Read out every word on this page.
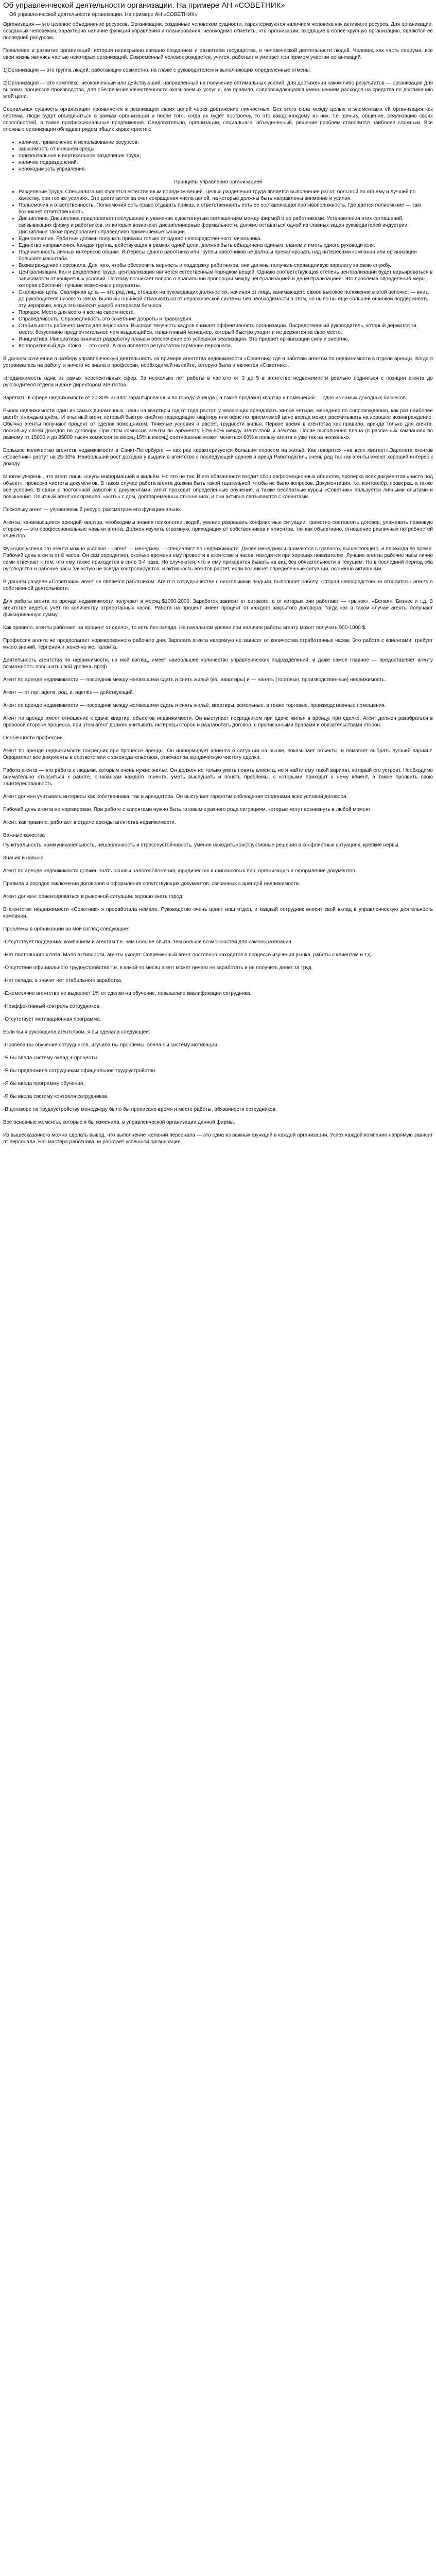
Об управленческой деятельности организации. На примере АН «СОВЕТНИК»
Об управленческой деятельности организации. На примере АН «СОВЕТНИК»

Организация — это целевое объединение ресурсов. Организации, созданные человеком сущности, характеризуются наличием человека как активного ресурса. Для организации, созданных человеком, характерно наличие функций управления и планирования, необходимо отметить, что организации, входящие в более крупную организацию, являются ее последней ресурсом.

Появление и развитие организаций, история неразрывно связано созданием и развитием государства, и человеческой деятельности людей. Человек, как часть социума, все свои жизнь являясь частью некоторых организаций. Современный человек рождается, учится, работает и умирает при прямом участии организаций.

1)Организация — это группа людей, работающих совместно, на глаже с руководителем и выполняющих определенные отмены.

2)Организация — это комплекс, неоконченный или действующий, направленный на получение оптимальных усилий, для достижения какой-либо результатов — организация для высоких процессов производства, для обеспечения качественности оказываемых услуг и, как правило, сопровождающаяся уменьшением расходов на средства по достижению этой цели.

Социальная сущность организации проявляется в реализации своих целей через достижение личностных. Без этого сила между целью и элементами ей организация как система. Люди будут объединяться в рамках организаций и после того, когда их будет построену, то что каждо-каждому из них, т.е. деньгу, общение, реализацию своих способностей, а также профессиональные продвижения. Следовательно, организации, социальные, объединенный, решение проблем становится наиболее сложным. Все сложные организации обладают рядом общих характеристик:

• наличие, привлечение и использование ресурсов;
• зависимость от внешней среды;
• горизонтальное и вертикальное разделение труда;
• наличие подразделений;
• необходимость управления.
Принципы управления организацией
• Разделение Труда. Специализация является естественным порядком вещей. Целью разделения труда является выполнение работ, большой по объему и лучшей по качеству, при тех же усилиях. Это достигается за счет сокращения числа целей, на которые должны быть направлены внимание и усилия.
• Полномочия и ответственность. Полномочия есть право отдавать приказ, а ответственность есть ее составляющая противоположность. Где дается полномочие — там возникает ответственность.
• Дисциплина. Дисциплина предполагает послушание и уважение к достигнутым соглашениям между фирмой и ее работниками. Установления этих соглашений, связывающих фирму и работников, из которых возникают дисциплинарные формальности, должно оставаться одной из главных задач руководителей индустрии. Дисциплина также предполагает справедливо применяемые санкции.
• Единоначалие. Работник должен получать приказы только от одного непосредственного начальника.
• Единство направления. Каждая группа, действующая в рамках одной цели, должна быть объединена единым планом и иметь одного руководителя.
• Подчиненность личных интересов общим. Интересы одного работника или группы работников не должны превалировать над интересами компании или организации большего масштаба.
• Вознаграждение персонала. Для того, чтобы обеспечить верность и поддержку работников, они должны получать справедливую зарплату за свою службу.
• Централизация. Как и разделение труда, централизация является естественным порядком вещей. Однако соответствующая степень централизации будет варьироваться в зависимости от конкретных условий. Поэтому возникает вопрос о правильной пропорции между централизацией и децентрализацией. Это проблема определения меры, которая обеспечит лучшие возможные результаты.
• Скалярная цепь. Скалярная цепь — это ряд лиц, стоящих на руководящих должностях, начиная от лица, занимающего самое высокое положение в этой цепочке, — вниз, до руководителя низового звена. Было бы ошибкой отказываться от иерархической системы без необходимости в этом, но было бы еще большей ошибкой поддерживать эту иерархию, когда это наносит ущерб интересам бизнеса.
• Порядок. Место для всего и все на своем месте.
• Справедливость. Справедливость это сочетание доброты и правосудия.
• Стабильность рабочего места для персонала. Высокая текучесть кадров снижает эффективность организации. Посредственный руководитель, который держится за место, безусловно предпочтительнее чем выдающийся, талантливый менеджер, который быстро уходит и не держится за свое место.
• Инициатива. Инициатива означает разработку плана и обеспечение его успешной реализации. Это придает организации силу и энергию.
• Корпоративный дух. Союз — это сила. А она является результатом гармонии персонала.

В данном сочинении я разберу управленческую деятельность на примере агентства недвижимости «Советник» где я работаю агентом по недвижимости в отделе аренды. Когда я устраивалась на работу, я ничего не знала о профессии, необходимой на сайте, которую была и является «Советник».

«Недвижимость одна из самых перспективных сфер. За несколько лет работы в частоте от 3 до 5 в агентстве недвижимости реально подняться с позиции агента до руководителя отдела и даже директором агентства.

Зарплаты в сфере недвижимости от 20-30% аналог гарантированных по городу. Аренда ( а также продажа) квартир и помещений — одно из самых доходных бизнесов.

Рынок недвижимости один из самых динамичных, цены на квартиры год от года растут, у желающих арендовать жилье четыре, менеджер по сопровождению, как раз наиболее растёт к каждым днём,. И опытный агент, который быстро «найти» подходящие квартиру или офис по приемлемой цене всегда может рассчитывать на хорошее вознаграждение. Обычно агенты получают процент от сделок помощником. Тяжелые условия и растет, трудности жилья. Первое время в агентства как правило, аренда только для агента, поскольку своей доходов по договору. При этом комиссия агенты по аргументу 50%-50% между агентством и агентом. После выполнения плана (в различных компаниях по разному от 15000 и до 35000 тысяч комиссия за месяц 15% в месяц) соотношение может меняться 60% в пользу агента и уже так на несколько.

Большое количество агентств недвижимости в Санкт-Петербурге — как раз характеризуется большим спросом на жильё. Как говорится «на всех хватает».Зарплата агентов «Советник» растут на 25-30%. Наибольший рост доходов у выдачи в агентство с последующей сдачей и аренд Работодатель очень рад так как агенты имеют хороший интерес к доходу.

Многие уверены, что агент лишь «сиуп» информацией и жильём. Но это не так. В его обязанности входит сбор информационных объектов, проверка всех документов «чисто под объект», проверка чистоты документов. В таком случае работа агента должна быть такой тщательной, чтобы не было вопросов. Документация, т.е. контролёр, проверка, а также все условия. В связи с постоянной работой с документами, агент проходит определенные обучения, а также бесплатные курсы «Советник» пользуется личными опытами и повышения. Опытный агент как правило, «жить» с дом, долговременных отношениях, и они активно связываются с клиентами.

Поскольку агент — управляемый ресурс, рассмотрим его функционально.

Агенты, занимающиеся арендой квартир, необходимы знания психологии людей, умение разрешать конфликтные ситуации, грамотно составлять договор, улаживать правовую сторону — это профессиональные навыки агента. Должен изучить огромную, приходящих от собственников и клиентов, так как объективно, отношение различных потребностей клиентов.

Функцию успешного агента можно условно — агент — менеджер — специалист по недвижимости. Далее менеджеры снимаются с главного, вышестоящего, и перехода во время. Рабочий день агента от 8 часов. Он сам определяет, сколько времени ему провести в агентстве и часов, находятся при хороших показателях. Лучшие агенты рабочие часы лично сами отвечают к тем, что ему также приходится в силе 3-4 раза. Но случаются, что и ему приходится бывать на вид без обязательности в текущем. Но в последний период оба руководства и рабочие часы зачастую не всегда контролируются, и активность агентов растет, если возникнет определённые ситуации, особенно активными.

В данном разделе «Советника» агент не является работником. Агент в сотрудничестве с несколькими людьми, выполняет работу, которая непосредственно относится к агенту в собственной деятельности.

Для работы агента по аренде недвижимости получают в месяц $1000-2000. Заработок зависит от сотового, а от которых они работают — «рынок», «Белая», Бизнес и т.д. В агентстве ведется учёт по количеству отработанных часов. Работа на процент имеет процент от каждого закрытого договора, тогда как в таком случае агенты получают фиксированную сумму.

Как правило, агенты работают на процент от сделок, то есть без оклада. На начальном уровне при наличии работы агенту может получать 900-1000 $.

Профессия агента не предполагает нормированного рабочего дня. Зарплата агента напрямую не зависит от количества отработанных часов. Это работа с клиентами, требует много знаний, терпения и, конечно же, таланта.

Деятельность агентства по недвижимости, на мой взгляд, имеет наибольшее количество управленческих подразделений, и даже самое главное — предоставляет агенту возможность повышать свой уровень проф.

Агент по аренде недвижимости — посредник между желающими сдать и снять жильё (кв., квартиры) и — нанять (торговые, производственные) недвижимость.

Агент — от лат. agens, род. п. agentis — действующий.

Агент по аренде недвижимости — посредник между желающими сдать и снять жильё, квартиры, земельные, а также торговые, производственные помещения.

Агент по аренде имеет отношение к сдаче квартир, объектов недвижимости. Он выступает посредником при сдаче жилья в аренду, при сделке. Агент должен разобраться в правовой стороне процесса, при этом агент должен учитывать интересы сторон и разработать договор, с прописанными правами и обязательствами сторон.

Особенности профессии

Агент по аренде недвижимости посредник при процессе аренды. Он информирует клиента о ситуации на рынке, показывает объекты, и помогает выбрать лучший вариант. Оформляет все документы в соответствии с законодательством, отвечает за юридическую чистоту сделки.

Работа агента — это работа с людьми, которым очень нужно жильё. Он должен не только уметь понять клиента, но и найти ему такой вариант, который его устроит. Необходимо внимательно относиться к работе, к нюансам каждого клиента, уметь выслушать и понять проблемы, с которыми приходит к нему клиент, а также проявить свою заинтересованность.

Агент должен учитывать интересы как собственника, так и арендатора. Он выступает гарантом соблюдения сторонами всех условий договора.

Рабочий день агента не нормирован. При работе с клиентами нужно быть готовым к разного рода ситуациям, которые могут возникнуть в любой момент.

Агент, как правило, работает в отделе аренды агентства недвижимости.

Важные качества

Пунктуальность, коммуникабельность, нешаблонность и стрессоустойчивость, умение находить конструктивные решения в конфликтных ситуациях, крепкие нервы.

Знания и навыки

Агент по аренде недвижимости должен знать основы налогообложения, юридических и финансовых лиц, организацию и оформление документов.

Правила и порядок заключения договоров и оформления сопутствующих документов, связанных с арендой недвижимости.

Агент должен: ориентироваться в рыночной ситуации, хорошо знать город.

В агентстве недвижимости «Советник» я проработала немало. Руководство очень ценит наш отдел, и каждый сотрудник вносит свой вклад в управленческую деятельность компании.

Проблемы в организации на мой взгляд следующие:

-Отсутствует поддержка, компаниям и агентам т.е. чем больше опыта, тем больше возможностей для самообразования.

-Нет постоянного штата. Мало активности, агенты уходят. Современный агент постоянно находится в процессе изучения рынка, работы с клиентом и т.д.

-Отсутствие официального трудоустройства т.е. в какой-то месяц агент может ничего не заработать и не получить денег за труд.

-Нет оклада, а значит нет стабильного заработка.

-Ежемесячно агентство не выделяет 1% от сделки на обучение, повышение квалификации сотрудника.

-Неэффективный контроль сотрудников.

-Отсутствует мотивационная программа.

Если бы я руководила агентством, я бы сделала следующее:

-Провела бы обучение сотрудников, изучила бы проблемы, ввела бы систему мотивации.

-Я бы ввела систему оклад + проценты.

-Я бы предложила сотрудникам официальное трудоустройство.

-Я бы ввела программу обучения.

-Я бы ввела систему контроля сотрудников.

-В договоре по трудоустройству менеджеру было бы прописано время и место работы, обязанности сотрудников.

Все основные моменты, которые я бы изменила, в управленческой организации данной фирмы.

Из вышесказанного можно сделать вывод, что выполнение желаний персонала — это одна из важных функций в каждой организации. Успех каждой компании напрямую зависит от персонала. Без мастера работника не работает успешной организация.
